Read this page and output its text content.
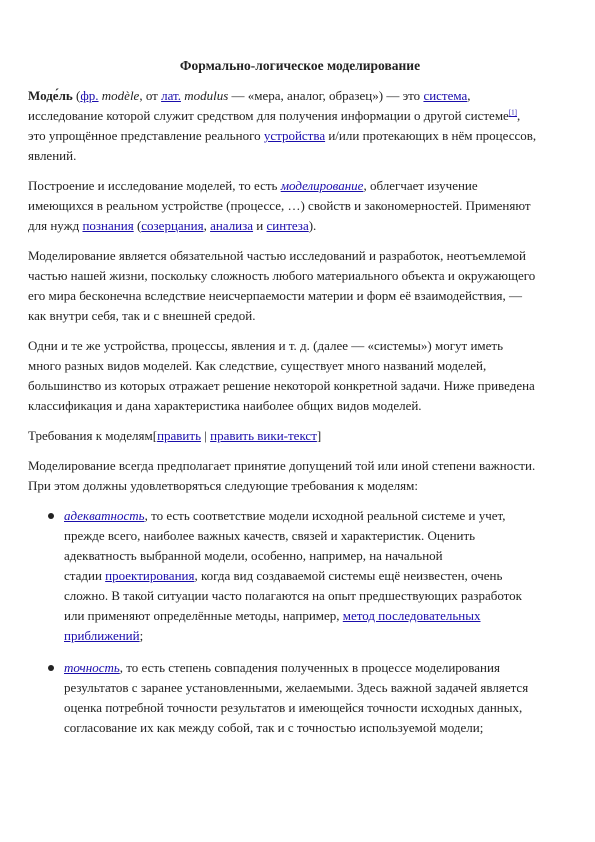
Формально-логическое моделирование

Моде́ль (фр. modèle, от лат. modulus — «мера, аналог, образец») — это система,
исследование которой служит средством для получения информации о другой системе[1],
это упрощённое представление реального устройства и/или протекающих в нём процессов,
явлений.

Построение и исследование моделей, то есть моделирование, облегчает изучение
имеющихся в реальном устройстве (процессе, …) свойств и закономерностей. Применяют
для нужд познания (созерцания, анализа и синтеза).

Моделирование является обязательной частью исследований и разработок, неотъемлемой
частью нашей жизни, поскольку сложность любого материального объекта и окружающего
его мира бесконечна вследствие неисчерпаемости материи и форм её взаимодействия, —
как внутри себя, так и с внешней средой.

Одни и те же устройства, процессы, явления и т. д. (далее — «системы») могут иметь
много разных видов моделей. Как следствие, существует много названий моделей,
большинство из которых отражает решение некоторой конкретной задачи. Ниже приведена
классификация и дана характеристика наиболее общих видов моделей.

Требования к моделям[править | править вики-текст]

Моделирование всегда предполагает принятие допущений той или иной степени важности.
При этом должны удовлетворяться следующие требования к моделям:

адекватность, то есть соответствие модели исходной реальной системе и учет,
прежде всего, наиболее важных качеств, связей и характеристик. Оценить
адекватность выбранной модели, особенно, например, на начальной
стадии проектирования, когда вид создаваемой системы ещё неизвестен, очень
сложно. В такой ситуации часто полагаются на опыт предшествующих разработок
или применяют определённые методы, например, метод последовательных
приближений;
точность, то есть степень совпадения полученных в процессе моделирования
результатов с заранее установленными, желаемыми. Здесь важной задачей является
оценка потребной точности результатов и имеющейся точности исходных данных,
согласование их как между собой, так и с точностью используемой модели;
